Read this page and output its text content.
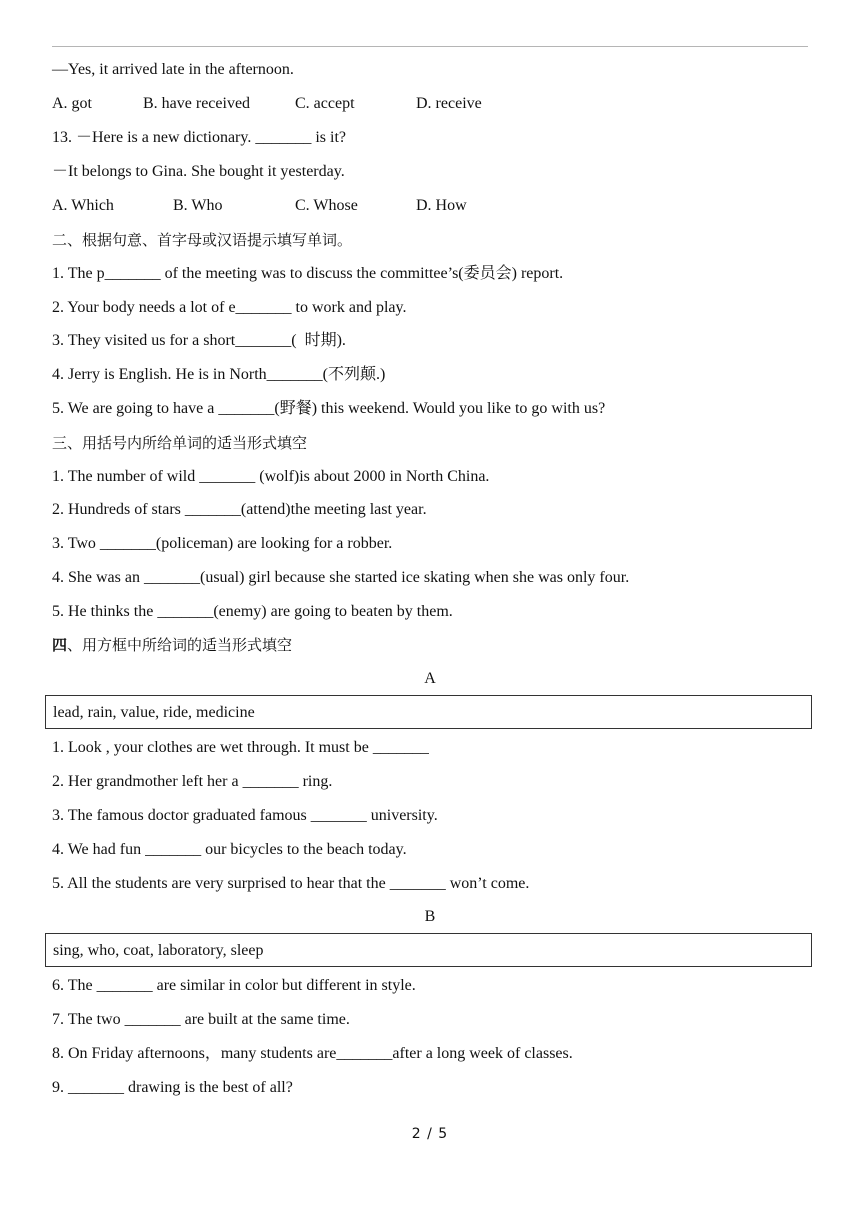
—Yes, it arrived late in the afternoon.
A. got	B. have received	C. accept	D. receive
13. －Here is a new dictionary. _______ is it?
－It belongs to Gina. She bought it yesterday.
A. Which	B. Who	C. Whose	D. How
二、根据句意、首字母或汉语提示填写单词。
1. The p_______ of the meeting was to discuss the committee’s(委员会) report.
2. Your body needs a lot of e_______ to work and play.
3. They visited us for a short_______(  时期).
4. Jerry is English. He is in North_______(不列颠.)
5. We are going to have a _______(野餐) this weekend. Would you like to go with us?
三、用括号内所给单词的适当形式填空
1. The number of wild _______ (wolf)is about 2000 in North China.
2. Hundreds of stars _______(attend)the meeting last year.
3. Two _______(policeman) are looking for a robber.
4. She was an _______(usual) girl because she started ice skating when she was only four.
5. He thinks the _______(enemy) are going to beaten by them.
四、用方框中所给词的适当形式填空
A
lead, rain, value, ride, medicine
1. Look , your clothes are wet through. It must be _______
2. Her grandmother left her a _______ ring.
3. The famous doctor graduated famous _______ university.
4. We had fun _______ our bicycles to the beach today.
5. All the students are very surprised to hear that the _______ won’t come.
B
sing, who, coat, laboratory, sleep
6. The _______ are similar in color but different in style.
7. The two _______ are built at the same time.
8. On Friday afternoons，many students are_______after a long week of classes.
9. _______ drawing is the best of all?
2 / 5
